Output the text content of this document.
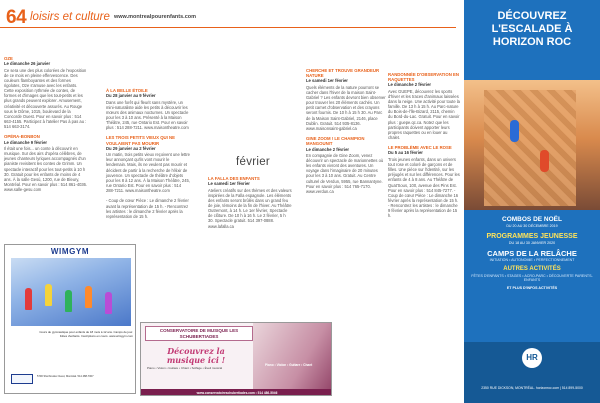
64 loisirs et culture www.montrealpourenfants.com
OZE
Le dimanche 26 janvier

Ce sera une des plus colorées de l'exposition de ce mois en pleine effervescence. Des couleurs flamboyantes et des formes rigolotes, Oze s'amuse avec les enfants. Cette exposition rythmée de contes, de formes et d'images que les tout-petits et les plus grands peuvent explorer. Amusement, créativité et découverte assurés. Au Rouge sous le Dôme, 1015, boulevard de la Concorde Ouest. Pour en savoir plus : 514 663-4155. Participez à l'atelier Pas à pas au : 514 663-3174.

OPÉRA-BONBON
Le dimanche 9 février

Il était une fois... un conte à découvrir en musique. Sur des airs d'opéra célèbres, de jeunes chanteurs lyriques accompagnés d'un pianiste revisitent les contes de Grimm. Un spectacle interactif pour les tout-petits à 10 h 30. Gratuit pour les enfants de moins de 4 ans. À la salle Gesù, 1200, rue de Bleury, Montréal. Pour en savoir plus : 514 861-4036. www.salle-gesu.com

À LA BELLE ÉTOILE
Du 28 janvier au 9 février

Dans une forêt qui fleurit sans mystère, un mini-naturaliste aide les petits à découvrir les mœurs des animaux nocturnes. Un spectacle pour les 3 à 10 ans. Présenté à la Maison Théâtre, 245, rue Ontario Est. Pour en savoir plus : 514 288-7211. www.maisontheatre.com

LES TROIS PETITS VIEUX QUI NE VOULAIENT PAS MOURIR
Du 29 janvier au 2 février

Un matin, trois petits vieux reçoivent une lettre leur annonçant qu'ils vont mourir le lendemain. Mais, ils ne veulent pas mourir et décident de partir à la recherche de l'élixir de jouvence. Un spectacle de théâtre d'objets pour les 8 à 12 ans. À la Maison Théâtre, 245, rue Ontario Est. Pour en savoir plus : 514 288-7211. www.maisontheatre.com

- Coup de cœur Pièce : Le dimanche 2 février avant la représentation de 15 h. - Rencontrez les artistes : le dimanche 2 février après la représentation de 15 h.

février
LA FALLA DES ENFANTS
Le samedi 1er février

Ateliers créatifs sur des thèmes et des valeurs inspirées de la Falla espagnole. Les éléments des enfants seront brûlés dans un grand feu de joie, témoins de la fin de l'hiver. Au Théâtre Outremont, à 14 h. Le 1er février, Spectacle de clôture. De 10 h à 16 h. Le 2 février, 5 h 30. Spectacle gratuit. 514 397-0888. www.lafalla.ca

CHERCHE ET TROUVE GRANDEUR NATURE
Le samedi 1er février

Quels éléments de la nature pourront se cacher dans l'hiver de la maison Saint-Gabriel ? Les enfants devront bien observer pour trouver les 20 éléments cachés. Un petit carnet d'observation et des crayons seront fournis. De 10 h à 15 h 30. Au Parc de la Maison Saint-Gabriel, 2146, place Dublin. Gratuit. 514 935-8136. www.maisonsaint-gabriel.ca

GINE ZOOM ! LE CHAMPION MANGOUNIT
Le dimanche 2 février

En compagnie de Gine Zoom, venez découvrir un spectacle de marionnettes où les enfants vivront des aventures. Un voyage dans l'imaginaire de 20 minutes pour les 3 à 10 ans. Gratuit. Au Centre culturel de Verdun, 5955, rue Bannantyne. Pour en savoir plus : 514 765-7170. www.verdun.ca

RANDONNÉE D'OBSERVATION EN RAQUETTES
Le dimanche 2 février

Avec GUEPE, découvrez les sports d'hiver et les traces d'animaux laissées dans la neige. Une activité pour toute la famille. De 13 h à 15 h. Au Parc-nature du Bois-de-l'Île-Bizard, 2115, chemin du Bord-du-Lac. Gratuit. Pour en savoir plus : guepe.qc.ca. Notez que les participants doivent apporter leurs propres raquettes ou en louer au chalet.

LE PROBLÈME AVEC LE ROSE
Du 5 au 16 février

Trois jeunes enfants, dans un univers tout rose et coloré de garçons et de filles. Une pièce sur l'identité, sur les préjugés et sur les différences. Pour les enfants de 4 à 8 ans. Au Théâtre de Quat'Sous, 100, avenue des Pins Est. Pour en savoir plus : 514 845-7277. - Coup de cœur Pièce : Le dimanche 16 février après la représentation de 15 h. - Rencontrez les artistes : le dimanche 9 février après la représentation de 15 h.

WIMGYM
Cours de gymnastique pour enfants de 18 mois à 12 ans. Camps de jour. Fêtes d'enfants. Inscriptions en cours. www.wimgym.com
5700 Sherbrooke Ouest, Montréal. 514 488-7007
CONSERVATOIRE DE MUSIQUE LES SCHUBERTIADES
Découvrez la musique ici !
Piano • Violon • Guitare • Chant • Solfège • Éveil musical
Piano • Violon • Guitare • Chant
www.conservatoireschubertiades.com • 514 486-5046
DÉCOUVREZ L'ESCALADE À HORIZON ROC
COMBOS DE NOËL
DU 20 AU 30 DÉCEMBRE 2019
PROGRAMMES JEUNESSE
DU 18 AU 30 JANVIER 2020
CAMPS DE LA RELÂCHE
INITIATION • AUTONOMIE • PERFECTIONNEMENT
AUTRES ACTIVITÉS
FÊTES D'ENFANTS • STAGES • ACRO-PARC • DÉCOUVERTE PARENTS-ENFANTS
ET PLUS D'INFOS ACTIVITÉS
HR
2350 RUE DICKSON, MONTRÉAL. horizonroc.com | 514 899-5000
